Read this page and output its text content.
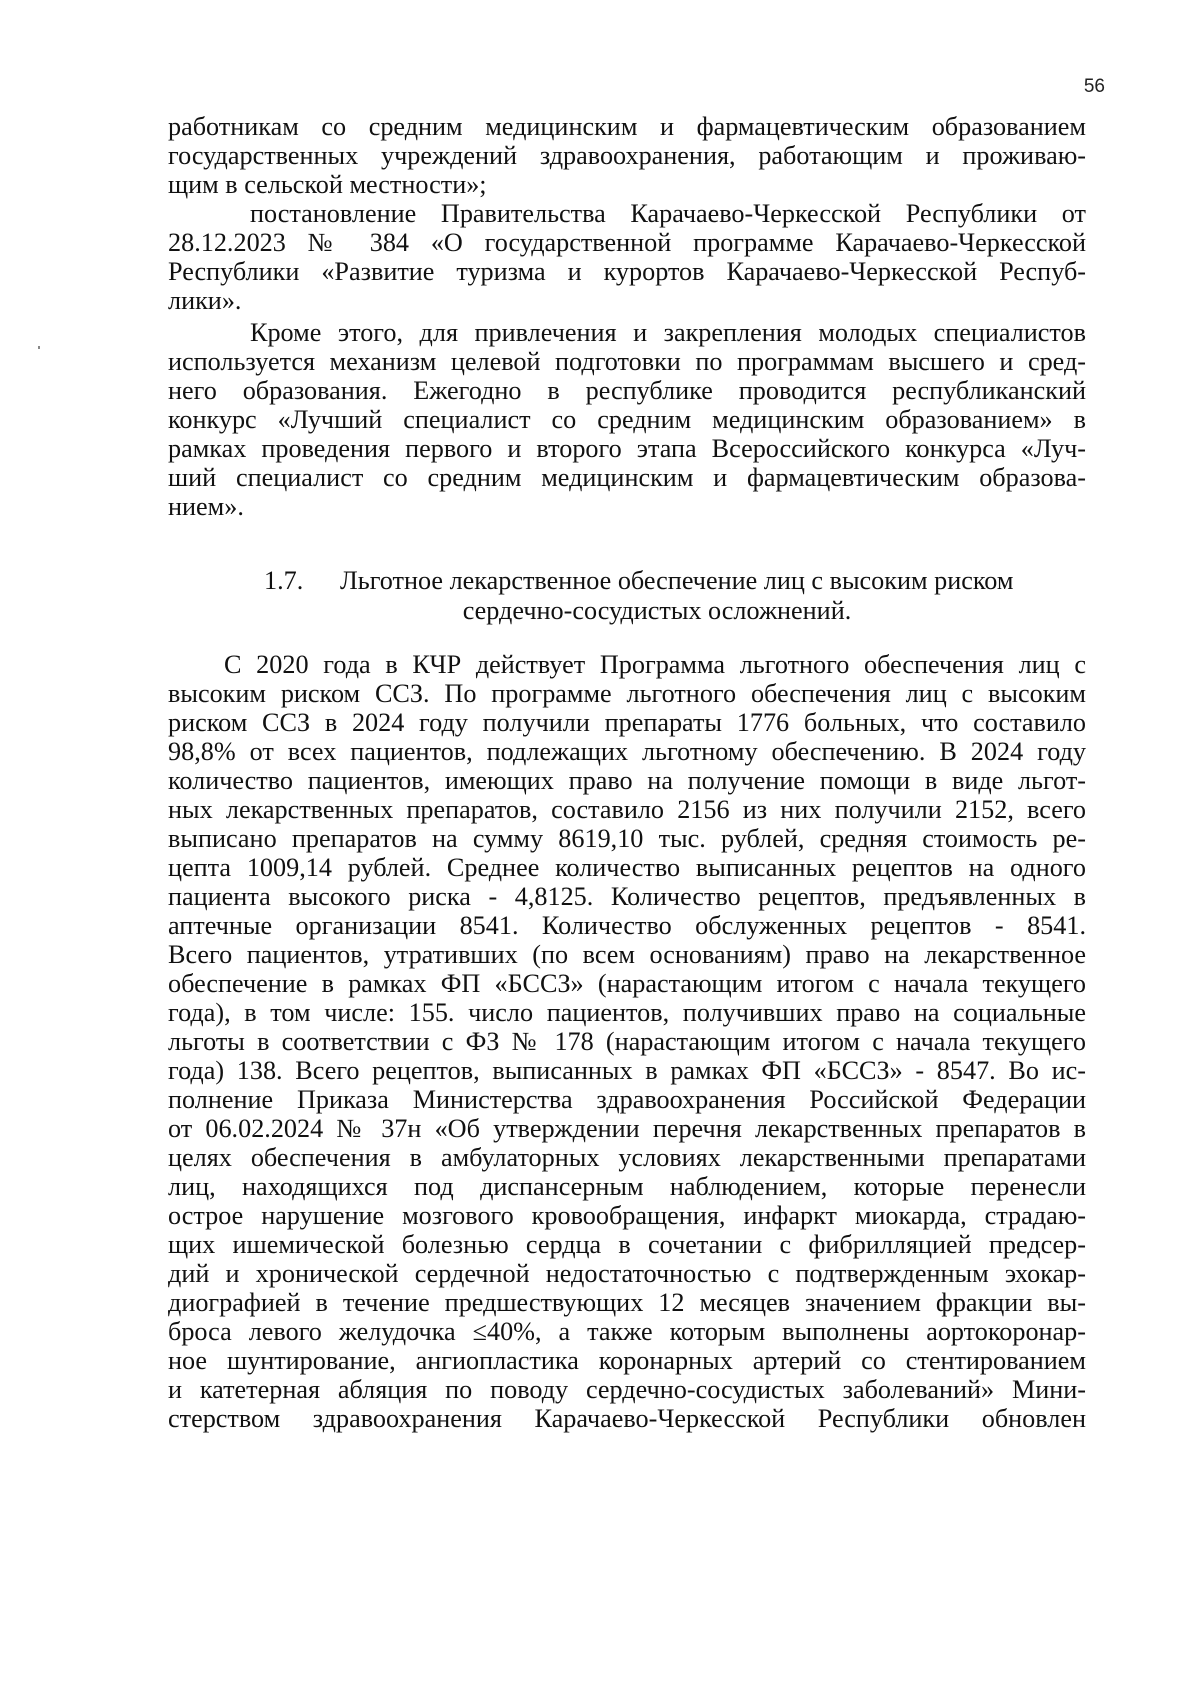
56
работникам со средним медицинским и фармацевтическим образованием
государственных учреждений здравоохранения, работающим и проживаю-
щим в сельской местности»;
постановление Правительства Карачаево-Черкесской Республики от
28.12.2023 № 384 «О государственной программе Карачаево-Черкесской
Республики «Развитие туризма и курортов Карачаево-Черкесской Респуб-
лики».
Кроме этого, для привлечения и закрепления молодых специалистов
используется механизм целевой подготовки по программам высшего и сред-
него образования. Ежегодно в республике проводится республиканский
конкурс «Лучший специалист со средним медицинским образованием» в
рамках проведения первого и второго этапа Всероссийского конкурса «Луч-
ший специалист со средним медицинским и фармацевтическим образова-
нием».
1.7. Льготное лекарственное обеспечение лиц с высоким риском
сердечно-сосудистых осложнений.
С 2020 года в КЧР действует Программа льготного обеспечения лиц с
высоким риском ССЗ. По программе льготного обеспечения лиц с высоким
риском ССЗ в 2024 году получили препараты 1776 больных, что составило
98,8% от всех пациентов, подлежащих льготному обеспечению. В 2024 году
количество пациентов, имеющих право на получение помощи в виде льгот-
ных лекарственных препаратов, составило 2156 из них получили 2152, всего
выписано препаратов на сумму 8619,10 тыс. рублей, средняя стоимость ре-
цепта 1009,14 рублей. Среднее количество выписанных рецептов на одного
пациента высокого риска - 4,8125. Количество рецептов, предъявленных в
аптечные организации 8541. Количество обслуженных рецептов - 8541.
Всего пациентов, утративших (по всем основаниям) право на лекарственное
обеспечение в рамках ФП «БССЗ» (нарастающим итогом с начала текущего
года), в том числе: 155. число пациентов, получивших право на социальные
льготы в соответствии с ФЗ № 178 (нарастающим итогом с начала текущего
года) 138. Всего рецептов, выписанных в рамках ФП «БССЗ» - 8547. Во ис-
полнение Приказа Министерства здравоохранения Российской Федерации
от 06.02.2024 № 37н «Об утверждении перечня лекарственных препаратов в
целях обеспечения в амбулаторных условиях лекарственными препаратами
лиц, находящихся под диспансерным наблюдением, которые перенесли
острое нарушение мозгового кровообращения, инфаркт миокарда, страдаю-
щих ишемической болезнью сердца в сочетании с фибрилляцией предсер-
дий и хронической сердечной недостаточностью с подтвержденным эхокар-
диографией в течение предшествующих 12 месяцев значением фракции вы-
броса левого желудочка ≤40%, а также которым выполнены аортокоронар-
ное шунтирование, ангиопластика коронарных артерий со стентированием
и катетерная абляция по поводу сердечно-сосудистых заболеваний» Мини-
стерством здравоохранения Карачаево-Черкесской Республики обновлен
